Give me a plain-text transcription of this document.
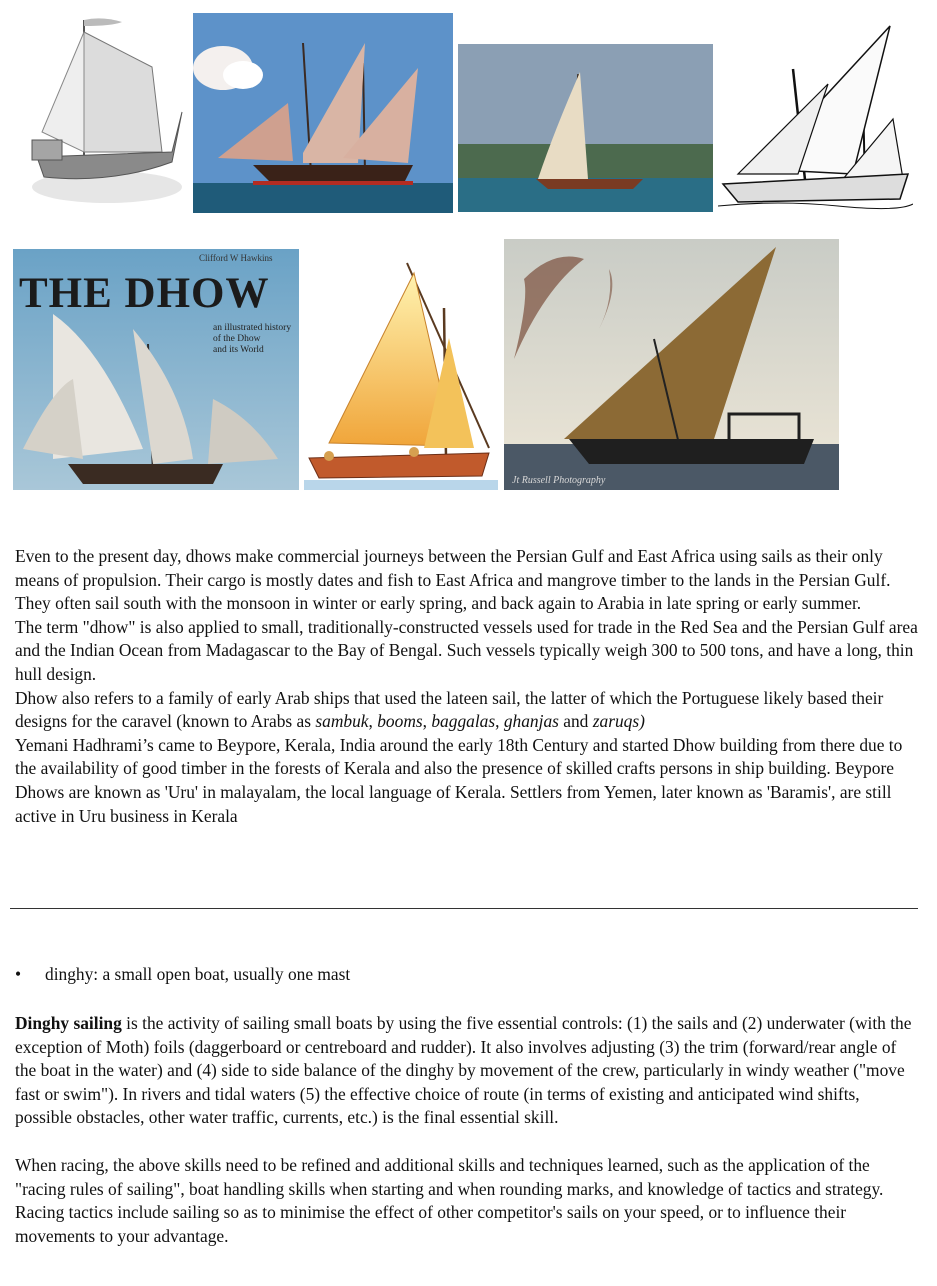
Clifford W Hawkins
THE DHOW
an illustrated history
of the Dhow
and its World
Jt Russell Photography

Even to the present day, dhows make commercial journeys between the Persian Gulf and East Africa using sails as their only means of propulsion. Their cargo is mostly dates and fish to East Africa and mangrove timber to the lands in the Persian Gulf. They often sail south with the monsoon in winter or early spring, and back again to Arabia in late spring or early summer.

The term "dhow" is also applied to small, traditionally-constructed vessels used for trade in the Red Sea and the Persian Gulf area and the Indian Ocean from Madagascar to the Bay of Bengal. Such vessels typically weigh 300 to 500 tons, and have a long, thin hull design.

Dhow also refers to a family of early Arab ships that used the lateen sail, the latter of which the Portuguese likely based their designs for the caravel (known to Arabs as sambuk, booms, baggalas, ghanjas and zaruqs)

Yemani Hadhrami’s came to Beypore, Kerala, India around the early 18th Century and started Dhow building from there due to the availability of good timber in the forests of Kerala and also the presence of skilled crafts persons in ship building. Beypore Dhows are known as 'Uru' in malayalam, the local language of Kerala. Settlers from Yemen, later known as 'Baramis', are still active in Uru business in Kerala

• dinghy: a small open boat, usually one mast

Dinghy sailing is the activity of sailing small boats by using the five essential controls: (1) the sails and (2) underwater (with the exception of Moth) foils (daggerboard or centreboard and rudder). It also involves adjusting (3) the trim (forward/rear angle of the boat in the water) and (4) side to side balance of the dinghy by movement of the crew, particularly in windy weather ("move fast or swim"). In rivers and tidal waters (5) the effective choice of route (in terms of existing and anticipated wind shifts, possible obstacles, other water traffic, currents, etc.) is the final essential skill.

When racing, the above skills need to be refined and additional skills and techniques learned, such as the application of the "racing rules of sailing", boat handling skills when starting and when rounding marks, and knowledge of tactics and strategy. Racing tactics include sailing so as to minimise the effect of other competitor's sails on your speed, or to influence their movements to your advantage.
